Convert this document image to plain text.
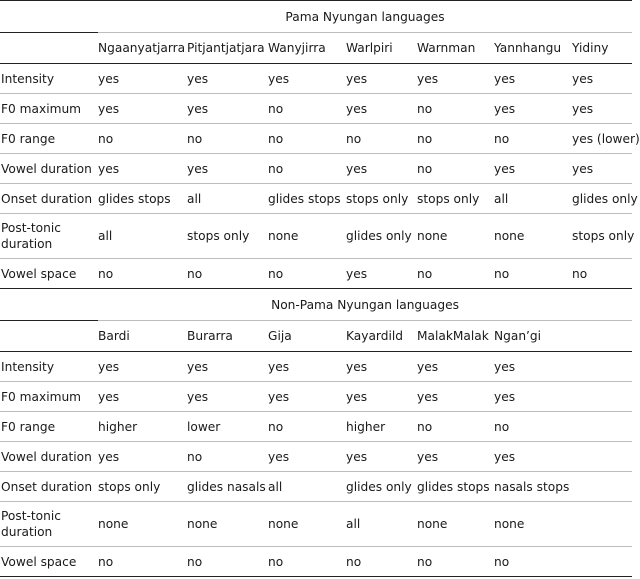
	Pama Nyungan languages						
	Ngaanyatjarra	Pitjantjatjara	Wanyjirra	Warlpiri	Warnman	Yannhangu	Yidiny
Intensity	yes	yes	yes	yes	yes	yes	yes
F0 maximum	yes	yes	no	yes	no	yes	yes
F0 range	no	no	no	no	no	no	yes (lower)
Vowel duration	yes	yes	no	yes	no	yes	yes
Onset duration	glides stops	all	glides stops	stops only	stops only	all	glides only
Post-tonic duration	all	stops only	none	glides only	none	none	stops only
Vowel space	no	no	no	yes	no	no	no
	Non-Pama Nyungan languages						
	Bardi	Burarra	Gija	Kayardild	MalakMalak	Ngan’gi	
Intensity	yes	yes	yes	yes	yes	yes	
F0 maximum	yes	yes	yes	yes	yes	yes	
F0 range	higher	lower	no	higher	no	no	
Vowel duration	yes	no	yes	yes	yes	yes	
Onset duration	stops only	glides nasals	all	glides only	glides stops	nasals stops	
Post-tonic duration	none	none	none	all	none	none	
Vowel space	no	no	no	no	no	no	
